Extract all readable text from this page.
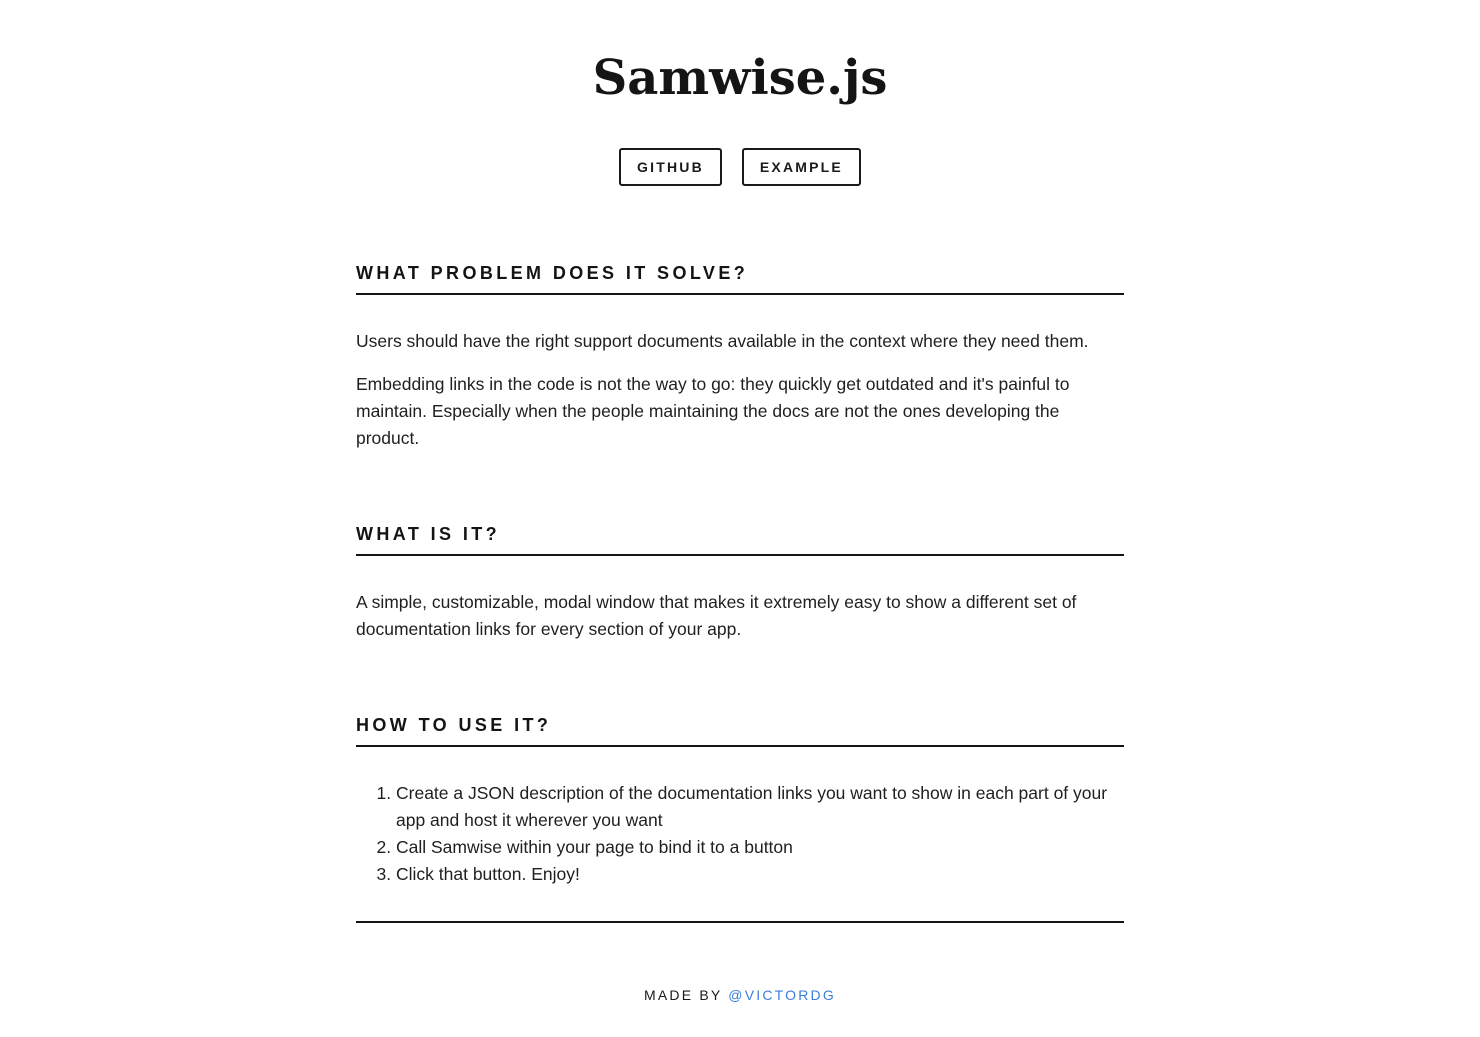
Samwise.js
GITHUB	EXAMPLE
WHAT PROBLEM DOES IT SOLVE?

Users should have the right support documents available in the context where they need them.

Embedding links in the code is not the way to go: they quickly get outdated and it's painful to maintain. Especially when the people maintaining the docs are not the ones developing the product.

WHAT IS IT?

A simple, customizable, modal window that makes it extremely easy to show a different set of documentation links for every section of your app.

HOW TO USE IT?
1. Create a JSON description of the documentation links you want to show in each part of your app and host it wherever you want
2. Call Samwise within your page to bind it to a button
3. Click that button. Enjoy!
MADE BY @VICTORDG
